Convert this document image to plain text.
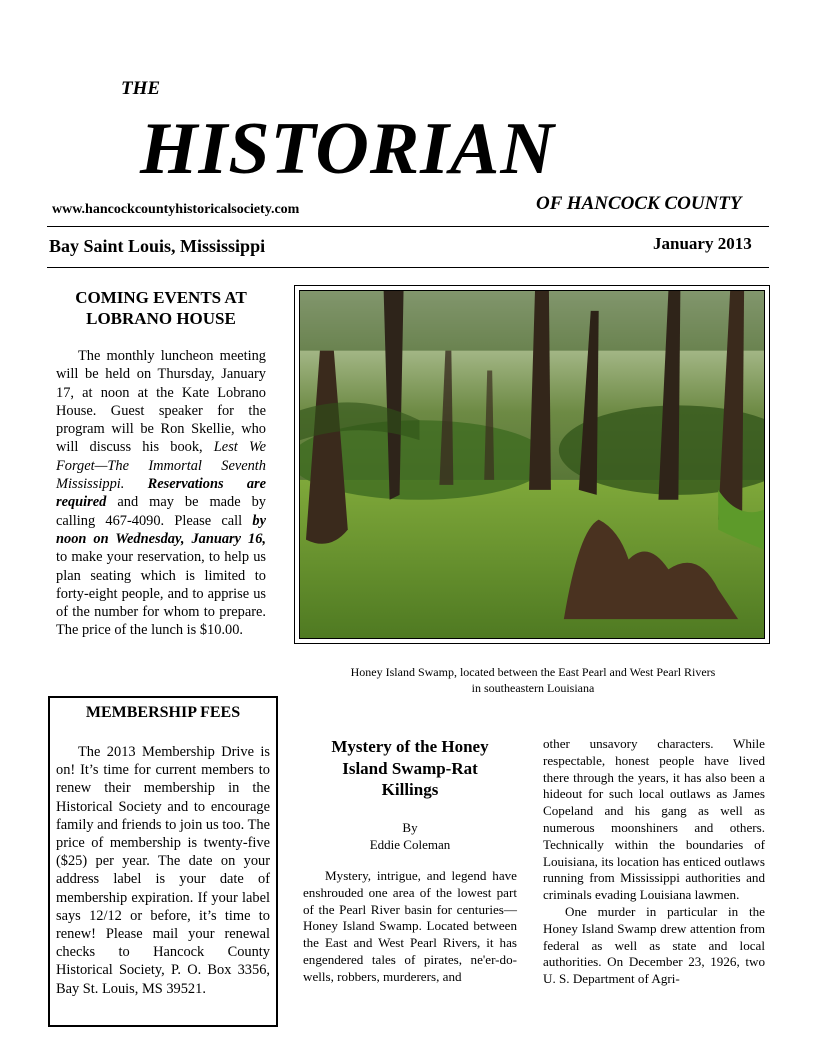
THE
HISTORIAN
www.hancockcountyhistoricalsociety.com	OF HANCOCK COUNTY
Bay Saint Louis, Mississippi	January 2013
COMING EVENTS AT
LOBRANO HOUSE

The monthly luncheon meeting will be held on Thursday, January 17, at noon at the Kate Lobrano House. Guest speaker for the program will be Ron Skellie, who will discuss his book, Lest We Forget—The Immortal Seventh Mississippi. Reservations are required and may be made by calling 467-4090. Please call by noon on Wednesday, January 16, to make your reservation, to help us plan seating which is limited to forty-eight people, and to apprise us of the number for whom to prepare. The price of the lunch is $10.00.

Honey Island Swamp, located between the East Pearl and West Pearl Rivers
in southeastern Louisiana
MEMBERSHIP FEES

The 2013 Membership Drive is on! It’s time for current members to renew their membership in the Historical Society and to encourage family and friends to join us too. The price of membership is twenty-five ($25) per year. The date on your address label is your date of membership expiration. If your label says 12/12 or before, it’s time to renew! Please mail your renewal checks to Hancock County Historical Society, P. O. Box 3356, Bay St. Louis, MS 39521.

Mystery of the Honey
Island Swamp-Rat
Killings
By
Eddie Coleman

Mystery, intrigue, and legend have enshrouded one area of the lowest part of the Pearl River basin for centuries—Honey Island Swamp. Located between the East and West Pearl Rivers, it has engendered tales of pirates, ne'er-do-wells, robbers, murderers, and

other unsavory characters. While respectable, honest people have lived there through the years, it has also been a hideout for such local outlaws as James Copeland and his gang as well as numerous moonshiners and others. Technically within the boundaries of Louisiana, its location has enticed outlaws running from Mississippi authorities and criminals evading Louisiana lawmen.

One murder in particular in the Honey Island Swamp drew attention from federal as well as state and local authorities. On December 23, 1926, two U. S. Department of Agri-
